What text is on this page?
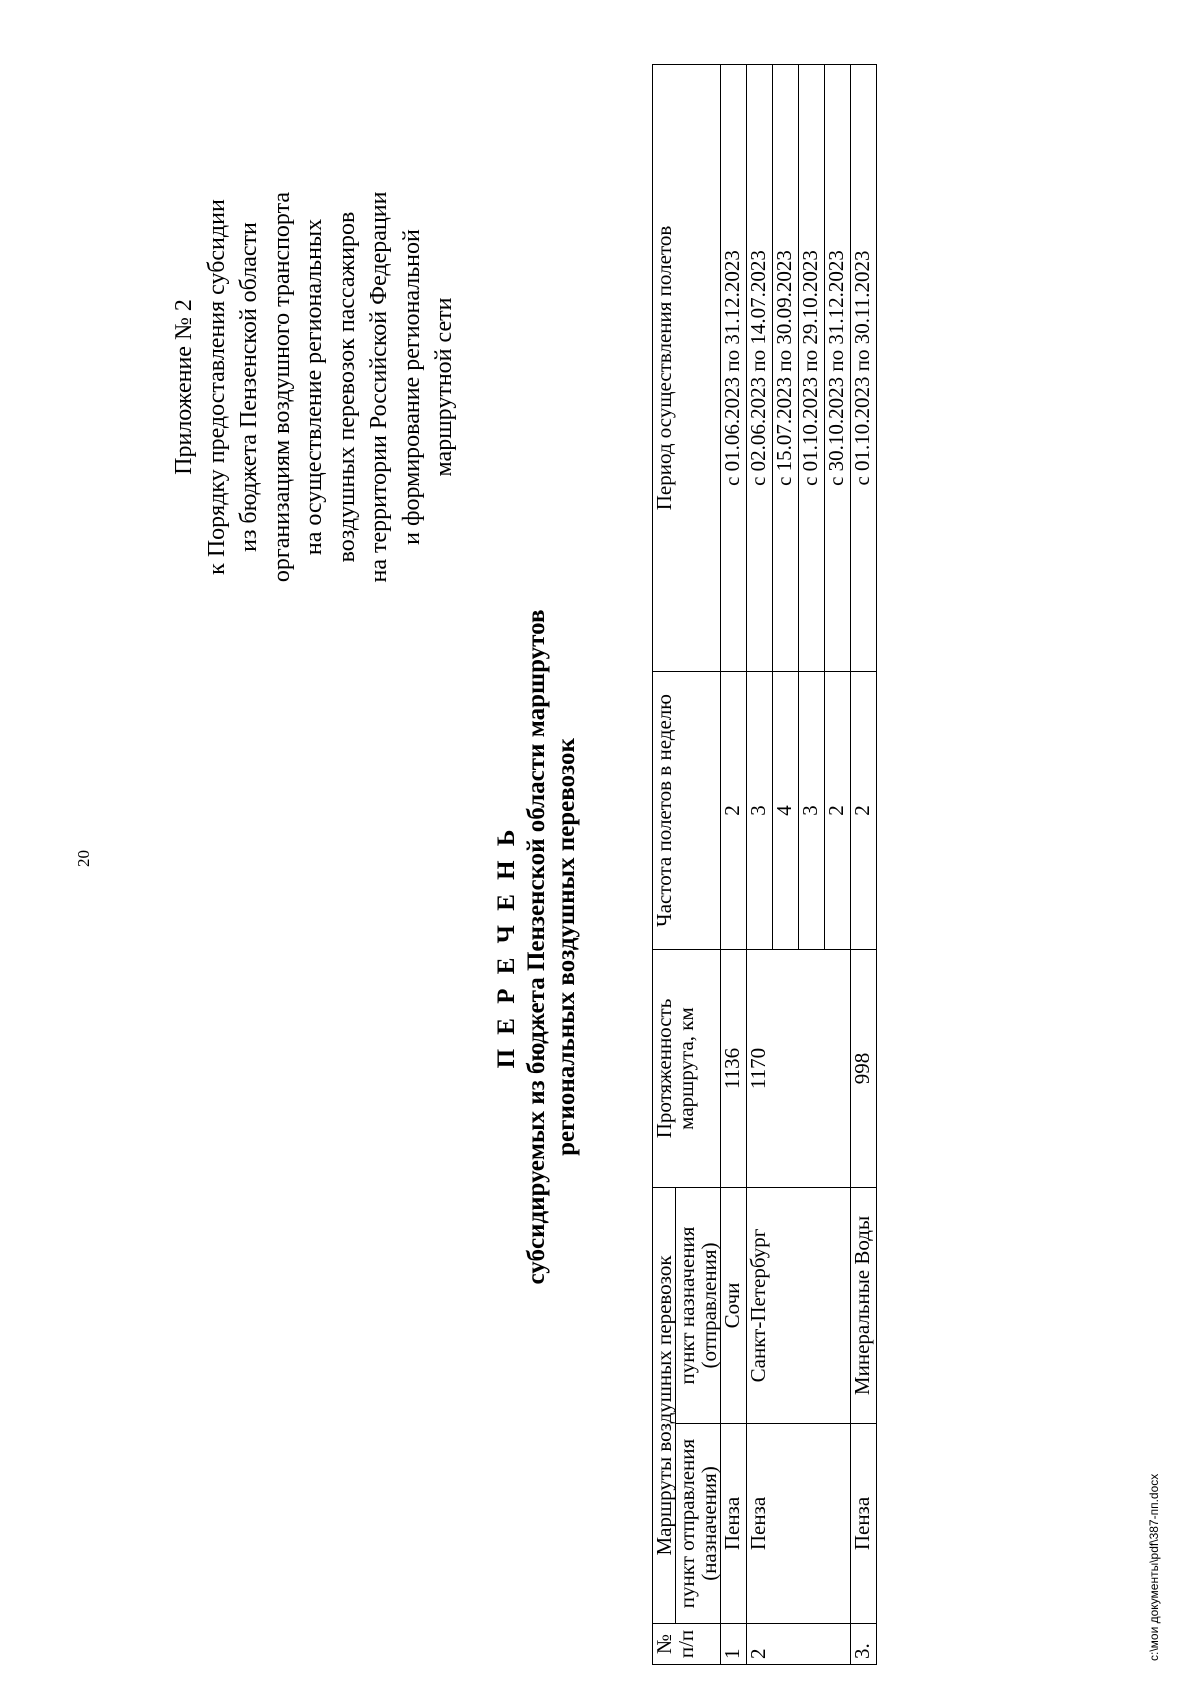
20
Приложение № 2 к Порядку предоставления субсидии из бюджета Пензенской области организациям воздушного транспорта на осуществление региональных воздушных перевозок пассажиров на территории Российской Федерации и формирование региональной маршрутной сети
П Е Р Е Ч Е Н Ь субсидируемых из бюджета Пензенской области маршрутов региональных воздушных перевозок
№ п/п	Маршруты воздушных перевозок		Протяженность маршрута, км	Частота полетов в неделю	Период осуществления полетов
	пункт отправления (назначения)	пункт назначения (отправления)			
1	Пенза	Сочи	1136	2	с 01.06.2023 по 31.12.2023
2	Пенза	Санкт-Петербург	1170	3	с 02.06.2023 по 14.07.2023
				4	с 15.07.2023 по 30.09.2023
				3	с 01.10.2023 по 29.10.2023
				2	с 30.10.2023 по 31.12.2023
3.	Пенза	Минеральные Воды	998	2	с 01.10.2023 по 30.11.2023
c:\мои документы\pdf\387-пп.docx
